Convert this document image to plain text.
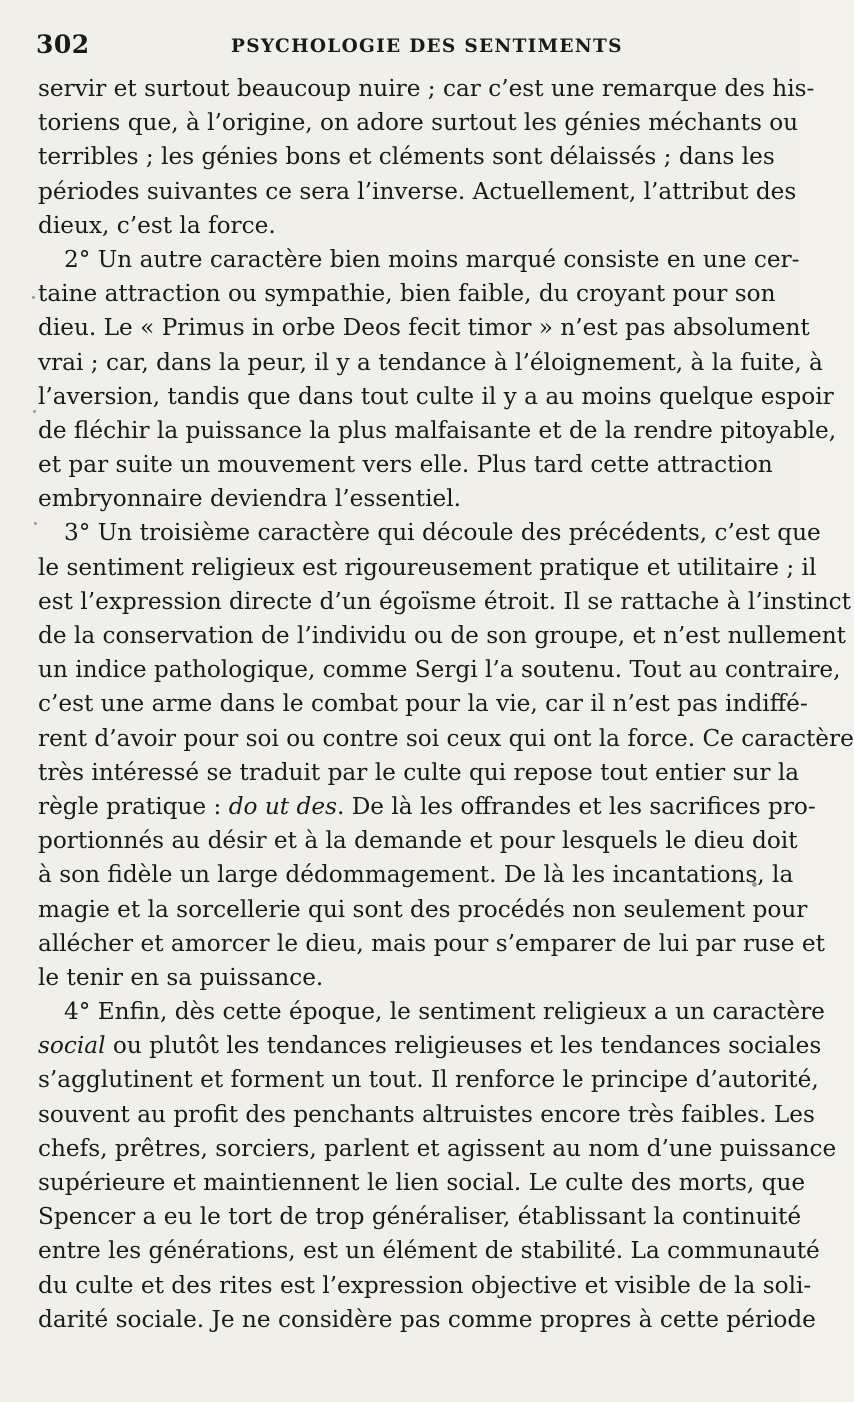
302	PSYCHOLOGIE DES SENTIMENTS
servir et surtout beaucoup nuire ; car c’est une remarque des his-
toriens que, à l’origine, on adore surtout les génies méchants ou
terribles ; les génies bons et cléments sont délaissés ; dans les
périodes suivantes ce sera l’inverse. Actuellement, l’attribut des
dieux, c’est la force.
2° Un autre caractère bien moins marqué consiste en une cer-
taine attraction ou sympathie, bien faible, du croyant pour son
dieu. Le « Primus in orbe Deos fecit timor » n’est pas absolument
vrai ; car, dans la peur, il y a tendance à l’éloignement, à la fuite, à
l’aversion, tandis que dans tout culte il y a au moins quelque espoir
de fléchir la puissance la plus malfaisante et de la rendre pitoyable,
et par suite un mouvement vers elle. Plus tard cette attraction
embryonnaire deviendra l’essentiel.
3° Un troisième caractère qui découle des précédents, c’est que
le sentiment religieux est rigoureusement pratique et utilitaire ; il
est l’expression directe d’un égoïsme étroit. Il se rattache à l’instinct
de la conservation de l’individu ou de son groupe, et n’est nullement
un indice pathologique, comme Sergi l’a soutenu. Tout au contraire,
c’est une arme dans le combat pour la vie, car il n’est pas indiffé-
rent d’avoir pour soi ou contre soi ceux qui ont la force. Ce caractère
très intéressé se traduit par le culte qui repose tout entier sur la
règle pratique : do ut des. De là les offrandes et les sacrifices pro-
portionnés au désir et à la demande et pour lesquels le dieu doit
à son fidèle un large dédommagement. De là les incantations, la
magie et la sorcellerie qui sont des procédés non seulement pour
allécher et amorcer le dieu, mais pour s’emparer de lui par ruse et
le tenir en sa puissance.
4° Enfin, dès cette époque, le sentiment religieux a un caractère
social ou plutôt les tendances religieuses et les tendances sociales
s’agglutinent et forment un tout. Il renforce le principe d’autorité,
souvent au profit des penchants altruistes encore très faibles. Les
chefs, prêtres, sorciers, parlent et agissent au nom d’une puissance
supérieure et maintiennent le lien social. Le culte des morts, que
Spencer a eu le tort de trop généraliser, établissant la continuité
entre les générations, est un élément de stabilité. La communauté
du culte et des rites est l’expression objective et visible de la soli-
darité sociale. Je ne considère pas comme propres à cette période
